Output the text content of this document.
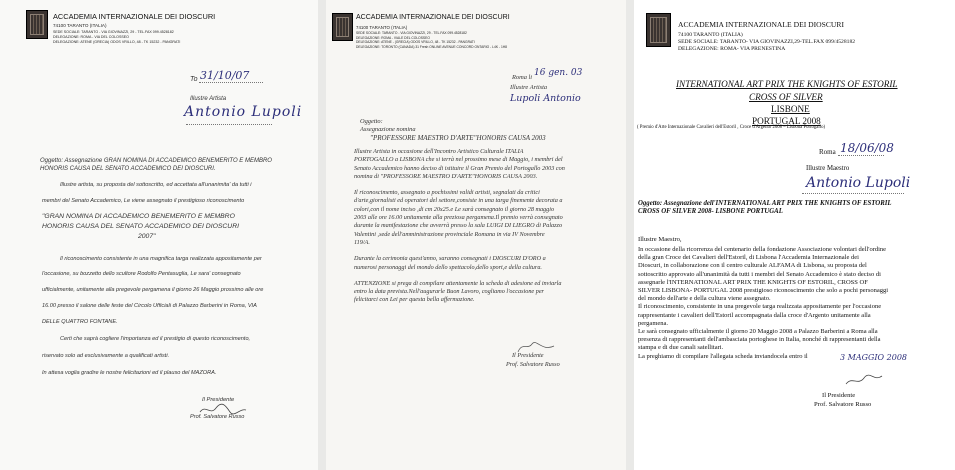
ACCADEMIA INTERNAZIONALE DEI DIOSCURI
74100 TARANTO (ITALIA)
SEDE SOCIALE: TARANTO - VIA GIOVINAZZI, 29 - TEL.FAX 099.4528182
DELEGAZIONE: ROMA - VIA DEL COLOSSEO
DELEGAZIONE: ATENE (GRECIA) ODOS VRILLO, 48 - TK 15232 - PANGRATI
To 31/10/07
Illustre Artista
Antonio Lupoli
Oggetto: Assegnazione GRAN NOMINA DI ACCADEMICO BENEMERITO E MEMBRO
HONORIS CAUSA DEL SENATO ACCADEMICO DEI DIOSCURI.
Illustre artista, su proposta del sottoscritto, ed accettata all'unanimita' da tutti i
membri del Senato Accademico, Le viene assegnato il prestigioso riconoscimento
"GRAN NOMINA DI ACCADEMICO BENEMERITO E MEMBRO
HONORIS CAUSA DEL SENATO ACCADEMICO DEI DIOSCURI
2007"
Il riconoscimento consistente in una magnifica targa realizzata appositamente per
l'occasione, su bozzetto dello scultore Rodolfo Pentasuglia, Le sara' consegnato
ufficialmente, unitamente alla pregevole pergamena il giorno 26 Maggio prossimo alle ore
16.00 presso il salone delle feste del Circolo Ufficiali di Palazzo Barberini in Roma, VIA
DELLE QUATTRO FONTANE.
Certi che saprà cogliere l'importanza ed il prestigio di questo riconoscimento,
riservato solo ad esclusivamente a qualificati artisti.
In attesa voglia gradire le nostre felicitazioni ed il plauso del MAZORA.
Il Presidente
Prof. Salvatore Russo
ACCADEMIA INTERNAZIONALE DEI DIOSCURI
74100 TARANTO (ITALIA)
SEDE SOCIALE: TARANTO - VIA GIOVINAZZI, 29 - TEL.FAX 099.4528182
DELEGAZIONE: ROMA - VIALE DEL COLOSSEO
DELEGAZIONE: ATENE - (GRECIA) ODOS VRILLO, 48 - TK 15232 - PANGRATI
DELEGAZIONE: TORONTO (CANADA) 31 Fresh ONLINE AVENUE CONCORD ONTARIO - L4K - 1H8
Roma li 16 gen. 03
Illustre Artista
Lupoli Antonio
Oggetto:
Assegnazione nomina
"PROFESSORE MAESTRO D'ARTE"HONORIS CAUSA 2003
Illustre Artista in occasione dell'Incontro Artistico Culturale ITALIA
PORTOGALLO a LISBONA che si terrà nel prossimo mese di Maggio, i membri del
Senato Accademico hanno deciso di istituire il Gran Premio del Portogallo 2003 con
nomina di "PROFESSORE MAESTRO D'ARTE"HONORIS CAUSA 2003.
Il riconoscimento, assegnato a pochissimi validi artisti, segnalati da critici
d'arte,giornalisti ed operatori del settore,consiste in una targa finemente decorata a
colori,con il nome inciso ,di cm 20x25.e Le sarà consegnato il giorno 28 maggio
2003 alle ore 16.00 unitamente alla preziosa pergamena.Il premio verrà consegnato
durante la manifestazione che avverrà presso la sala LUIGI DI LIEGRO di Palazzo
Valentini ,sede dell'amministrazione provinciale Romana in via IV Novembre
119/A.
Durante la cerimonia quest'anno, saranno consegnati i DIOSCURI D'ORO a
numerosi personaggi del mondo dello spettacolo,dello sport,e della cultura.
ATTENZIONE si prega di compilare attentamente la scheda di adesione ed inviarla
entro la data prevista.Nell'augurarle Buon Lavoro, cogliamo l'occasione per
felicitarci con Lei per questa bella affermazione.
Il Presidente
Prof. Salvatore Russo
ACCADEMIA INTERNAZIONALE DEI DIOSCURI
74100 TARANTO (ITALIA)
SEDE SOCIALE: TARANTO- VIA GIOVINAZZI,29-TEL.FAX 099/4528182
DELEGAZIONE: ROMA- VIA PRENESTINA
INTERNATIONAL ART PRIX THE KNIGHTS OF ESTORIL
CROSS OF SILVER
LISBONE
PORTUGAL 2008
( Premio d'Arte Internazionale Cavalieri dell'Estoril , Croce d'Argento 2008 – Lisbona Portogallo)
Roma 18/06/08
Illustre Maestro
Antonio Lupoli
Oggetto: Assegnazione dell'INTERNATIONAL ART PRIX THE KNIGHTS OF ESTORIL
CROSS OF SILVER 2008- LISBONE PORTUGAL
Illustre Maestro,
In occasione della ricorrenza del centenario della fondazione Associazione volontari dell'ordine
della gran Croce dei Cavalieri dell'Estoril, di Lisbona l'Accademia Internazionale dei
Dioscuri, in collaborazione con il centro culturale ALFAMA di Lisbona, su proposta del
sottoscritto approvato all'unanimità da tutti i membri del Senato Accademico è stato deciso di
assegnarle l'INTERNATIONAL ART PRIX THE KNIGHTS OF ESTORIL, CROSS OF
SILVER LISBONA- PORTUGAL 2008 prestigioso riconoscimento che solo a pochi personaggi
del mondo dell'arte e della cultura viene assegnato.
Il riconoscimento, consistente in una pregevole targa realizzata appositamente per l'occasione
rappresentante i cavalieri dell'Estoril accompagnata dalla croce d'Argento unitamente alla
pergamena.
Le sarà consegnato ufficialmente il giorno 20 Maggio 2008 a Palazzo Barberini a Roma alla
presenza di rappresentanti dell'ambasciata portoghese in Italia, nonché di rappresentanti della
stampa e di due canali satellitari.
La preghiamo di compilare l'allegata scheda inviandocela entro il	3 MAGGIO 2008
Il Presidente
Prof. Salvatore Russo
